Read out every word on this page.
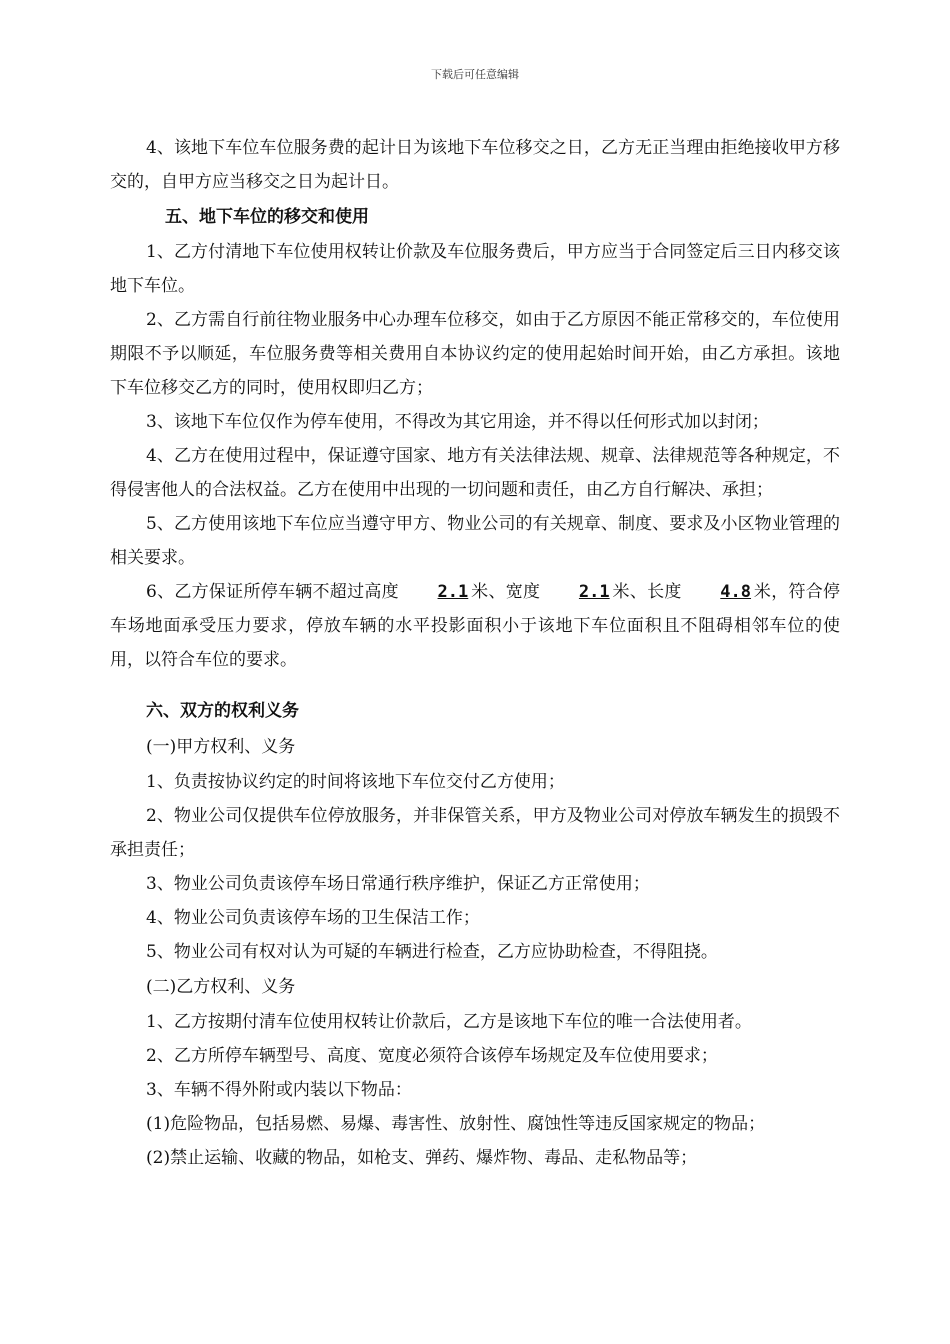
下载后可任意编辑

4、该地下车位车位服务费的起计日为该地下车位移交之日，乙方无正当理由拒绝接收甲方移交的，自甲方应当移交之日为起计日。

五、地下车位的移交和使用

1、乙方付清地下车位使用权转让价款及车位服务费后，甲方应当于合同签定后三日内移交该地下车位。

2、乙方需自行前往物业服务中心办理车位移交，如由于乙方原因不能正常移交的，车位使用期限不予以顺延，车位服务费等相关费用自本协议约定的使用起始时间开始，由乙方承担。该地下车位移交乙方的同时，使用权即归乙方；

3、该地下车位仅作为停车使用，不得改为其它用途，并不得以任何形式加以封闭；

4、乙方在使用过程中，保证遵守国家、地方有关法律法规、规章、法律规范等各种规定，不得侵害他人的合法权益。乙方在使用中出现的一切问题和责任，由乙方自行解决、承担；

5、乙方使用该地下车位应当遵守甲方、物业公司的有关规章、制度、要求及小区物业管理的相关要求。

6、乙方保证所停车辆不超过高度 2.1 米、宽度 2.1 米、长度 4.8 米，符合停车场地面承受压力要求，停放车辆的水平投影面积小于该地下车位面积且不阻碍相邻车位的使用，以符合车位的要求。

六、双方的权利义务

(一)甲方权利、义务

1、负责按协议约定的时间将该地下车位交付乙方使用；

2、物业公司仅提供车位停放服务，并非保管关系，甲方及物业公司对停放车辆发生的损毁不承担责任；

3、物业公司负责该停车场日常通行秩序维护，保证乙方正常使用；

4、物业公司负责该停车场的卫生保洁工作；

5、物业公司有权对认为可疑的车辆进行检查，乙方应协助检查，不得阻挠。

(二)乙方权利、义务

1、乙方按期付清车位使用权转让价款后，乙方是该地下车位的唯一合法使用者。

2、乙方所停车辆型号、高度、宽度必须符合该停车场规定及车位使用要求；

3、车辆不得外附或内装以下物品：

(1)危险物品，包括易燃、易爆、毒害性、放射性、腐蚀性等违反国家规定的物品；

(2)禁止运输、收藏的物品，如枪支、弹药、爆炸物、毒品、走私物品等；
